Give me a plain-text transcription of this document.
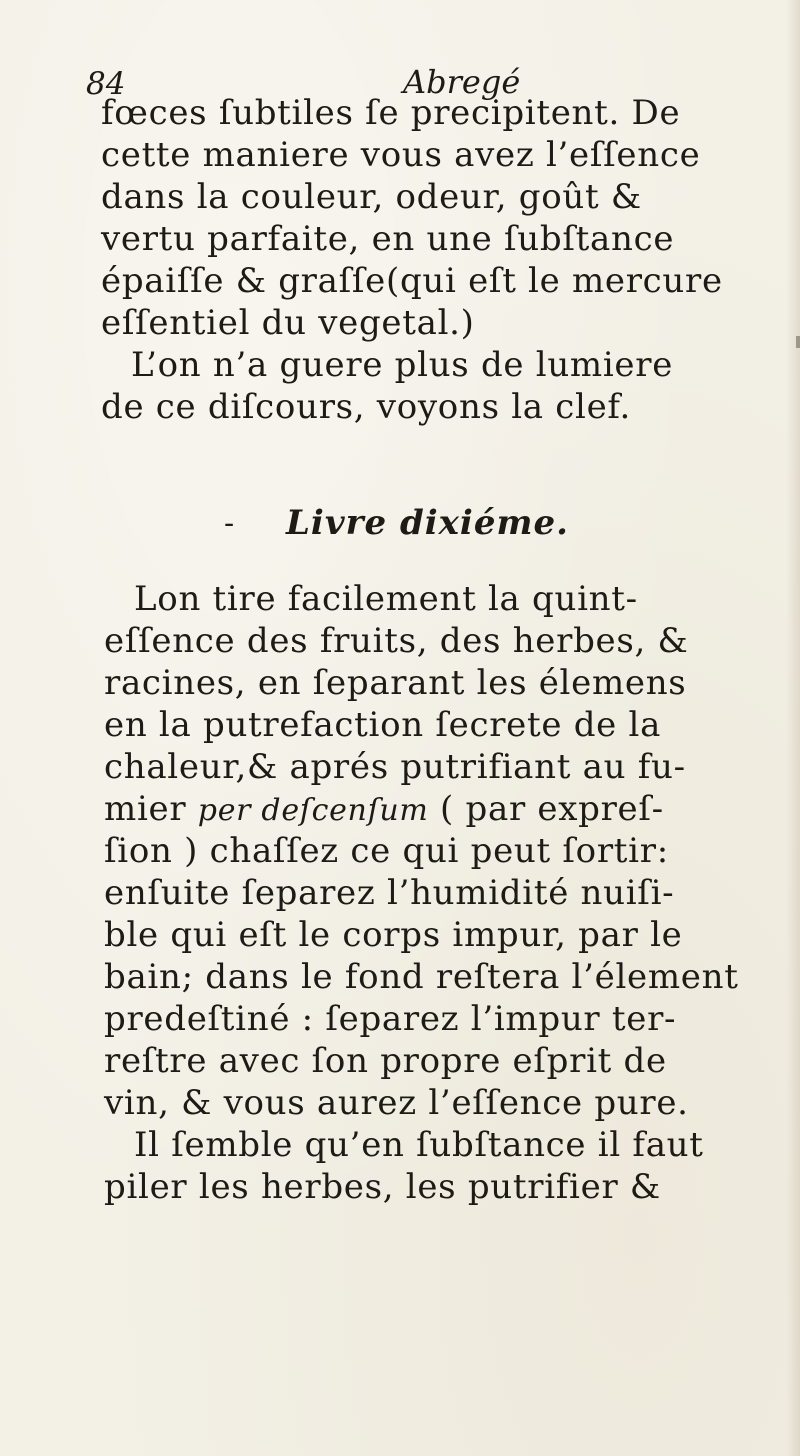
84	Abregé
fœces ſubtiles ſe precipitent. De
cette maniere vous avez l’eſſence
dans la couleur, odeur, goût &
vertu parfaite, en une ſubſtance
épaiſſe & graſſe(qui eſt le mercure
eſſentiel du vegetal.)
L’on n’a guere plus de lumiere
de ce diſcours, voyons la clef.
- Livre dixiéme.
Lon tire facilement la quint-
eſſence des fruits, des herbes, &
racines, en ſeparant les élemens
en la putrefaction ſecrete de la
chaleur,& aprés putrifiant au fu-
mier per deſcenſum ( par expreſ-
ſion ) chaſſez ce qui peut ſortir:
enſuite ſeparez l’humidité nuiſi-
ble qui eſt le corps impur, par le
bain; dans le fond reſtera l’élement
predeſtiné : ſeparez l’impur ter-
reſtre avec ſon propre eſprit de
vin, & vous aurez l’eſſence pure.
Il ſemble qu’en ſubſtance il faut
piler les herbes, les putrifier &
